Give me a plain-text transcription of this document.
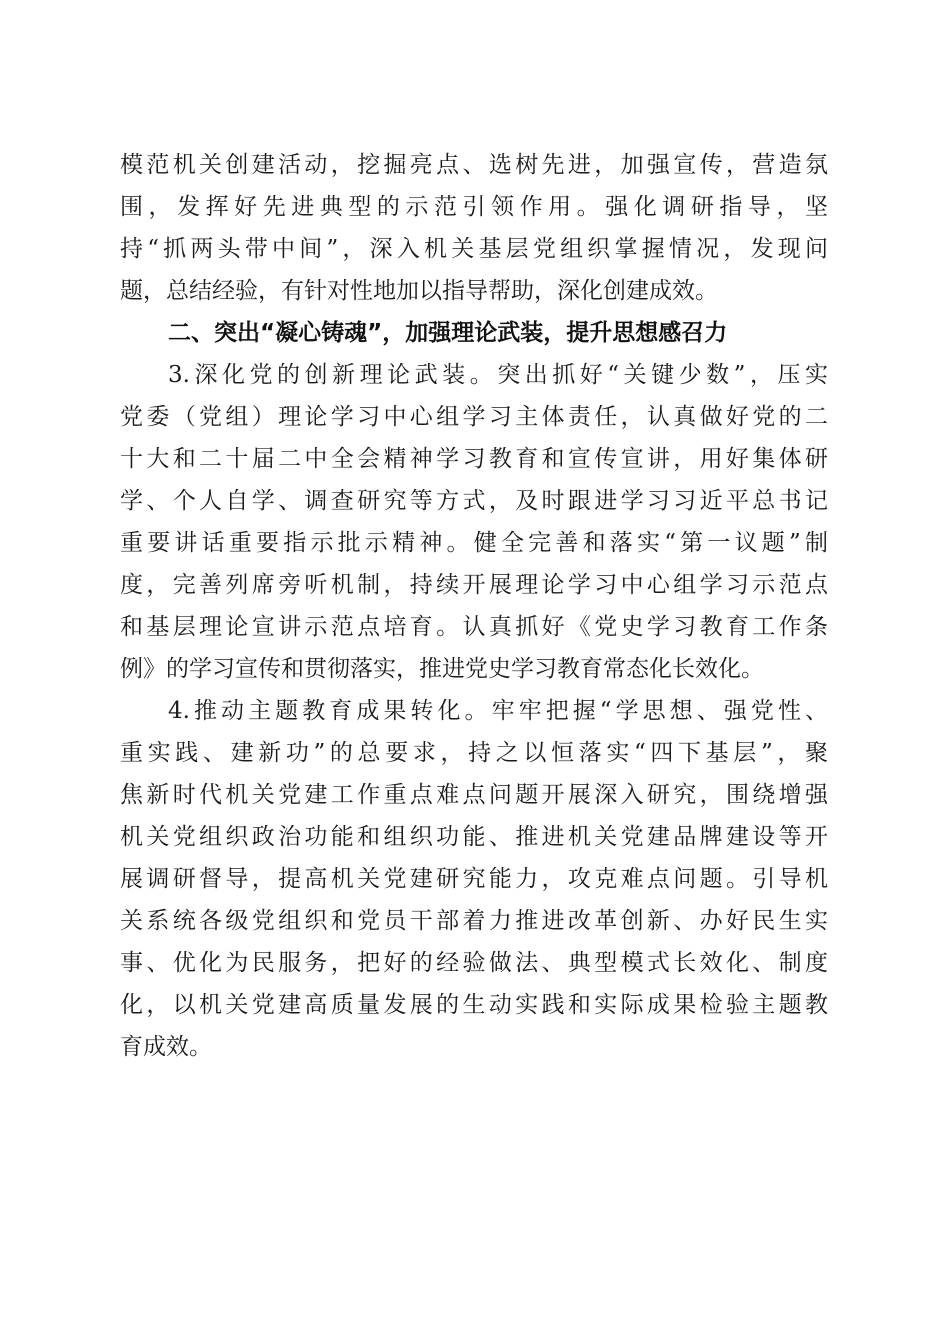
模范机关创建活动，挖掘亮点、选树先进，加强宣传，营造氛
围，发挥好先进典型的示范引领作用。强化调研指导，坚
持“抓两头带中间”，深入机关基层党组织掌握情况，发现问
题，总结经验，有针对性地加以指导帮助，深化创建成效。
二、突出“凝心铸魂”，加强理论武装，提升思想感召力
3.深化党的创新理论武装。突出抓好“关键少数”，压实
党委（党组）理论学习中心组学习主体责任，认真做好党的二
十大和二十届二中全会精神学习教育和宣传宣讲，用好集体研
学、个人自学、调查研究等方式，及时跟进学习习近平总书记
重要讲话重要指示批示精神。健全完善和落实“第一议题”制
度，完善列席旁听机制，持续开展理论学习中心组学习示范点
和基层理论宣讲示范点培育。认真抓好《党史学习教育工作条
例》的学习宣传和贯彻落实，推进党史学习教育常态化长效化。
4.推动主题教育成果转化。牢牢把握“学思想、强党性、
重实践、建新功”的总要求，持之以恒落实“四下基层”，聚
焦新时代机关党建工作重点难点问题开展深入研究，围绕增强
机关党组织政治功能和组织功能、推进机关党建品牌建设等开
展调研督导，提高机关党建研究能力，攻克难点问题。引导机
关系统各级党组织和党员干部着力推进改革创新、办好民生实
事、优化为民服务，把好的经验做法、典型模式长效化、制度
化，以机关党建高质量发展的生动实践和实际成果检验主题教
育成效。
